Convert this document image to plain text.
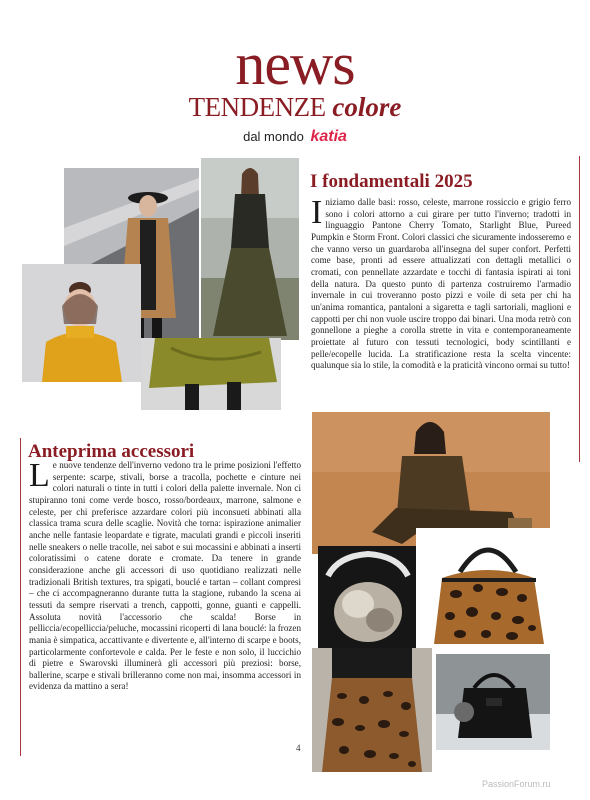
news
TENDENZE colore
dal mondo katia
I fondamentali 2025
Iniziamo dalle basi: rosso, celeste, marrone rossiccio e grigio ferro sono i colori attorno a cui girare per tutto l'inverno; tradotti in linguaggio Pantone Cherry Tomato, Starlight Blue, Pureed Pumpkin e Storm Front. Colori classici che sicuramente indosseremo e che vanno verso un guardaroba all'insegna del super confort. Perfetti come base, pronti ad essere attualizzati con dettagli metallici o cromati, con pennellate azzardate e tocchi di fantasia ispirati ai toni della natura. Da questo punto di partenza costruiremo l'armadio invernale in cui troveranno posto pizzi e voile di seta per chi ha un'anima romantica, pantaloni a sigaretta e tagli sartoriali, maglioni e cappotti per chi non vuole uscire troppo dai binari. Una moda retrò con gonnellone a pieghe a corolla strette in vita e contemporaneamente proiettate al futuro con tessuti tecnologici, body scintillanti e pelle/ecopelle lucida. La stratificazione resta la scelta vincente: qualunque sia lo stile, la comodità e la praticità vincono ormai su tutto!
Anteprima accessori
Le nuove tendenze dell'inverno vedono tra le prime posizioni l'effetto serpente: scarpe, stivali, borse a tracolla, pochette e cinture nei colori naturali o tinte in tutti i colori della palette invernale. Non ci stupiranno toni come verde bosco, rosso/bordeaux, marrone, salmone e celeste, per chi preferisce azzardare colori più inconsueti abbinati alla classica trama scura delle scaglie. Novità che torna: ispirazione animalier anche nelle fantasie leopardate e tigrate, maculati grandi e piccoli inseriti nelle sneakers o nelle tracolle, nei sabot e sui mocassini e abbinati a inserti coloratissimi o catene dorate e cromate. Da tenere in grande considerazione anche gli accessori di uso quotidiano realizzati nelle tradizionali British textures, tra spigati, bouclé e tartan – collant compresi – che ci accompagneranno durante tutta la stagione, rubando la scena ai tessuti da sempre riservati a trench, cappotti, gonne, guanti e cappelli. Assoluta novità l'accessorio che scalda! Borse in pelliccia/ecopelliccia/peluche, mocassini ricoperti di lana bouclé: la frozen mania è simpatica, accattivante e divertente e, all'interno di scarpe e boots, particolarmente confortevole e calda. Per le feste e non solo, il luccichio di pietre e Swarovski illuminerà gli accessori più preziosi: borse, ballerine, scarpe e stivali brilleranno come non mai, insomma accessori in evidenza da mattino a sera!
4
PassionForum.ru
